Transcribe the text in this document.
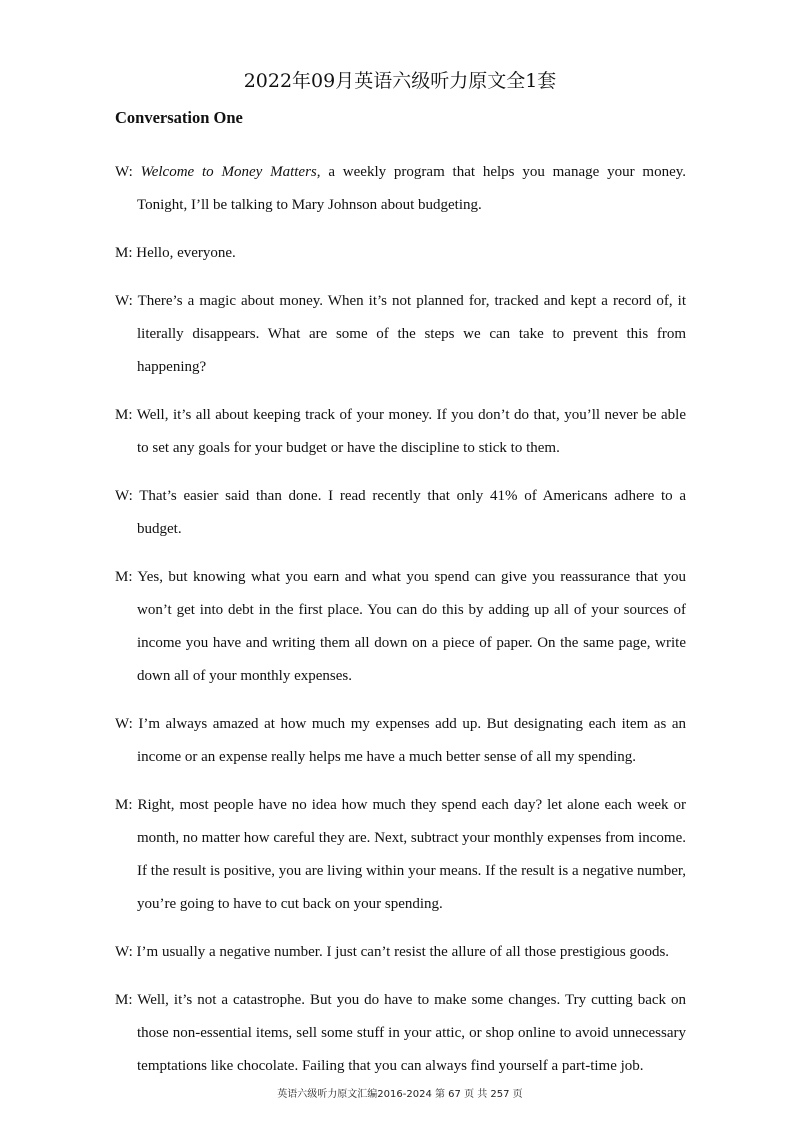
2022年09月英语六级听力原文全1套
Conversation One

W: Welcome to Money Matters, a weekly program that helps you manage your money. Tonight, I’ll be talking to Mary Johnson about budgeting.

M: Hello, everyone.

W: There’s a magic about money. When it’s not planned for, tracked and kept a record of, it literally disappears. What are some of the steps we can take to prevent this from happening?

M: Well, it’s all about keeping track of your money. If you don’t do that, you’ll never be able to set any goals for your budget or have the discipline to stick to them.

W: That’s easier said than done. I read recently that only 41% of Americans adhere to a budget.

M: Yes, but knowing what you earn and what you spend can give you reassurance that you won’t get into debt in the first place. You can do this by adding up all of your sources of income you have and writing them all down on a piece of paper. On the same page, write down all of your monthly expenses.

W: I’m always amazed at how much my expenses add up. But designating each item as an income or an expense really helps me have a much better sense of all my spending.

M: Right, most people have no idea how much they spend each day? let alone each week or month, no matter how careful they are. Next, subtract your monthly expenses from income. If the result is positive, you are living within your means. If the result is a negative number, you’re going to have to cut back on your spending.

W: I’m usually a negative number. I just can’t resist the allure of all those prestigious goods.

M: Well, it’s not a catastrophe. But you do have to make some changes. Try cutting back on those non-essential items, sell some stuff in your attic, or shop online to avoid unnecessary temptations like chocolate. Failing that you can always find yourself a part-time job.

英语六级听力原文汇编2016-2024 第 67 页 共 257 页
